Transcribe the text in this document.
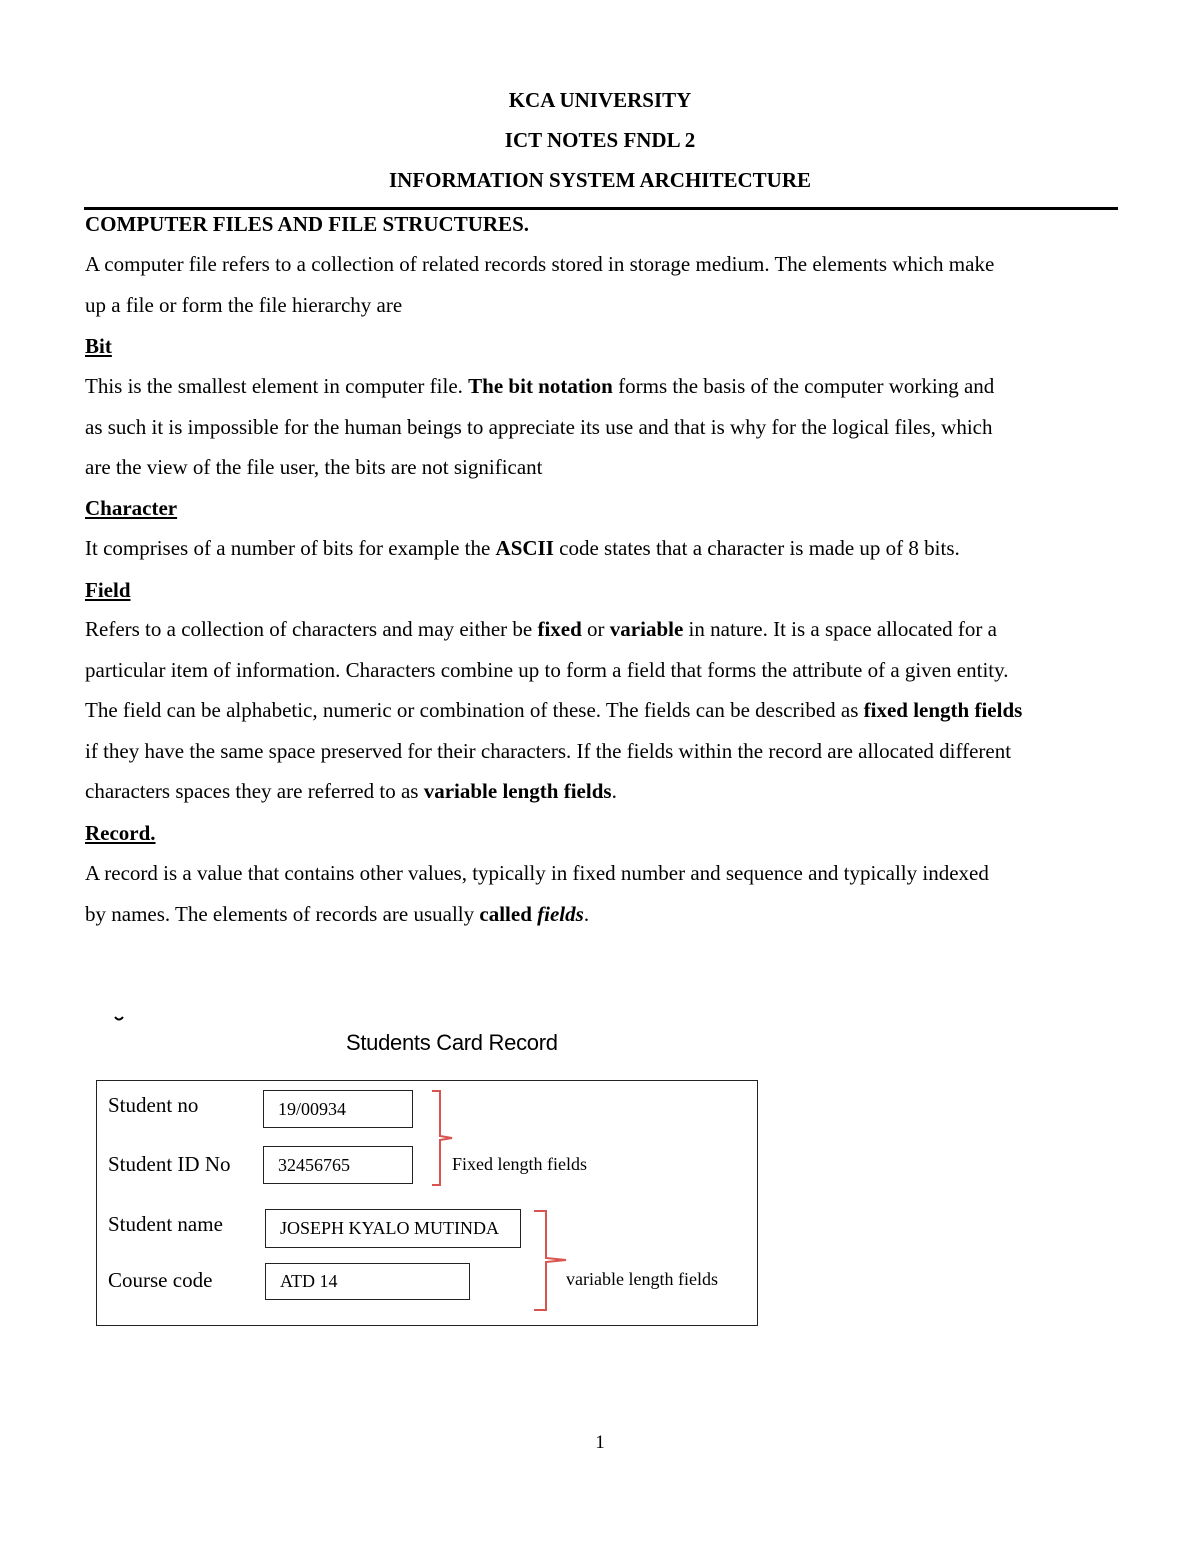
KCA UNIVERSITY
ICT NOTES FNDL 2
INFORMATION SYSTEM ARCHITECTURE
COMPUTER FILES AND FILE STRUCTURES.
A computer file refers to a collection of related records stored in storage medium. The elements which make
up a file or form the file hierarchy are
Bit
This is the smallest element in computer file. The bit notation forms the basis of the computer working and
as such it is impossible for the human beings to appreciate its use and that is why for the logical files, which
are the view of the file user, the bits are not significant
Character
It comprises of a number of bits for example the ASCII code states that a character is made up of 8 bits.
Field
Refers to a collection of characters and may either be fixed or variable in nature. It is a space allocated for a
particular item of information. Characters combine up to form a field that forms the attribute of a given entity.
The field can be alphabetic, numeric or combination of these. The fields can be described as fixed length fields
if they have the same space preserved for their characters. If the fields within the record are allocated different
characters spaces they are referred to as variable length fields.
Record.
A record is a value that contains other values, typically in fixed number and sequence and typically indexed
by names. The elements of records are usually called fields.
Students Card Record
Student no	19/00934
Student ID No	32456765
Student name	JOSEPH KYALO MUTINDA
Course code	ATD 14
Fixed length fields
variable length fields
1
